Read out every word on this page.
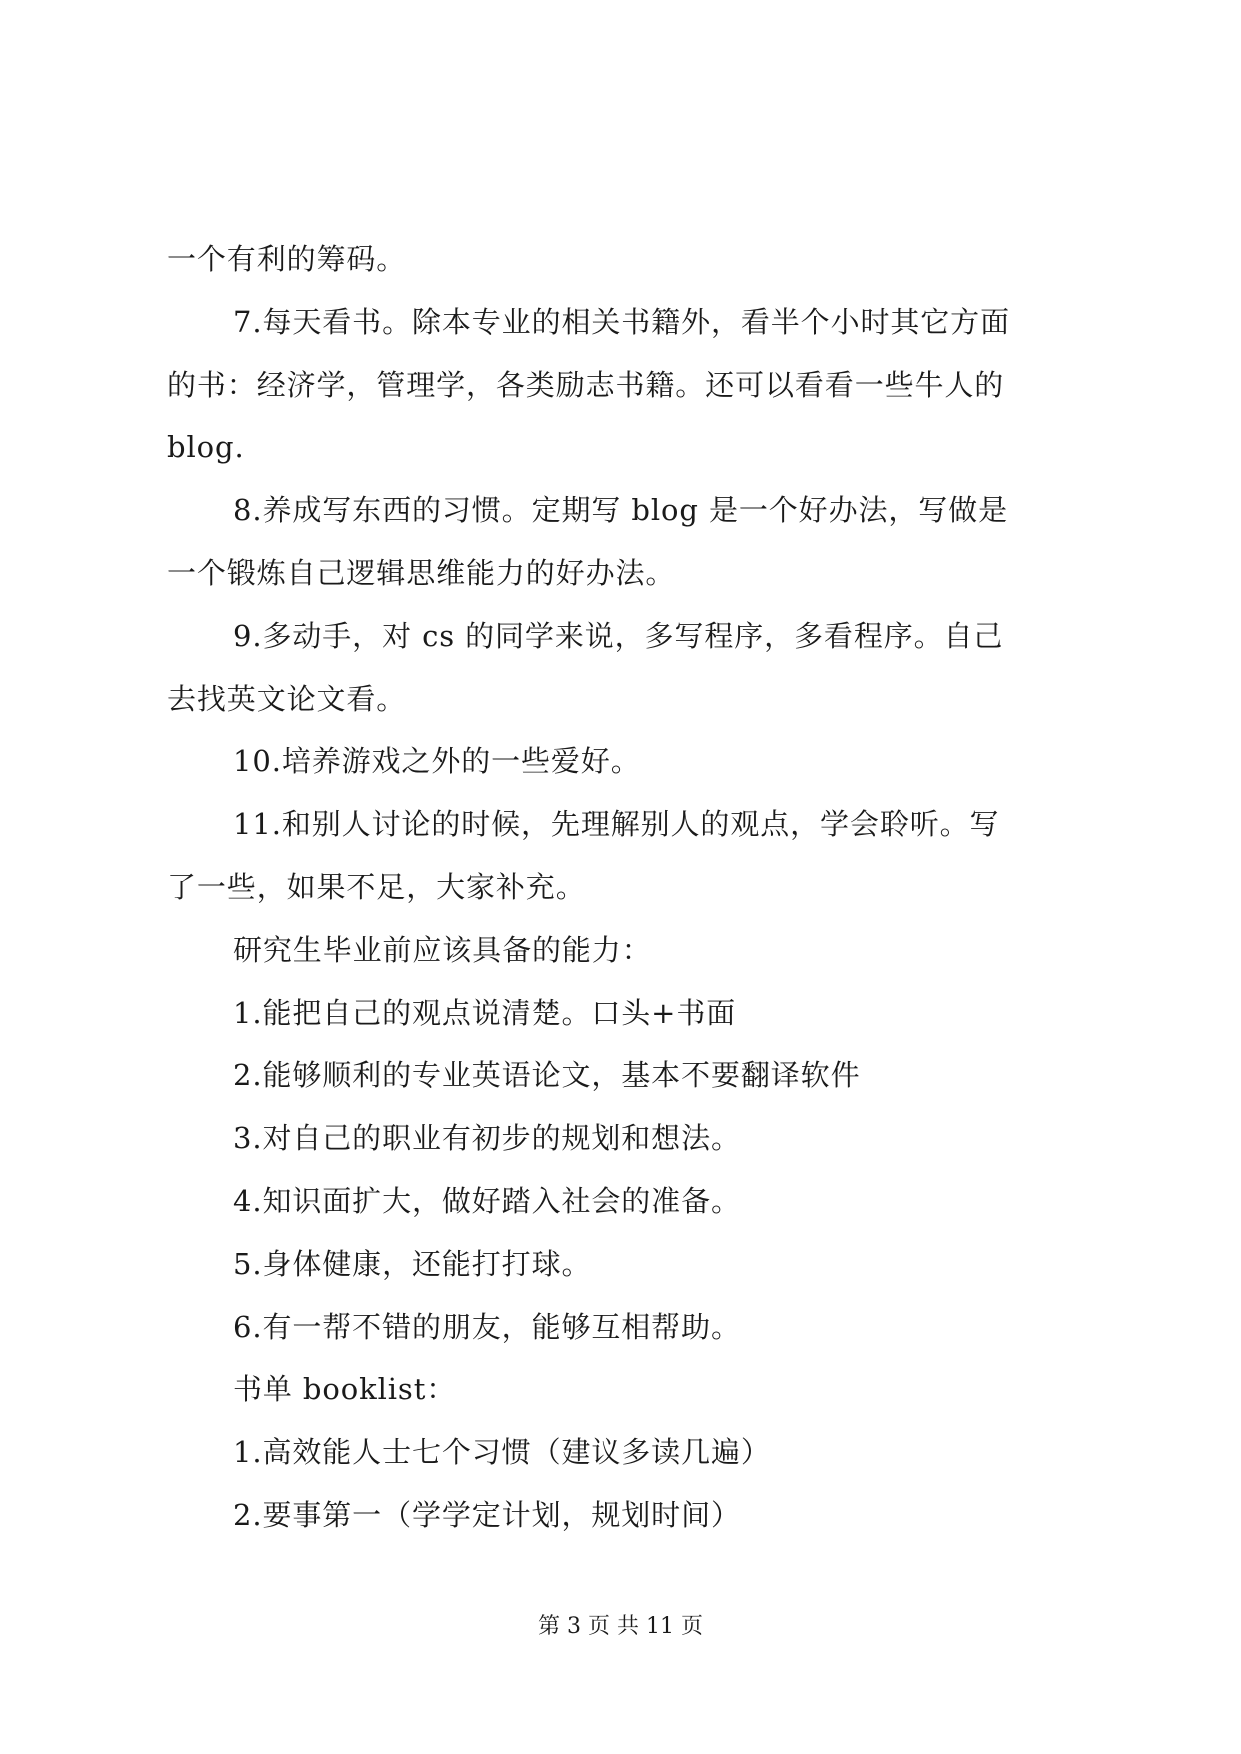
一个有利的筹码。
7.每天看书。除本专业的相关书籍外，看半个小时其它方面
的书：经济学，管理学，各类励志书籍。还可以看看一些牛人的
blog.
8.养成写东西的习惯。定期写 blog 是一个好办法，写做是
一个锻炼自己逻辑思维能力的好办法。
9.多动手，对 cs 的同学来说，多写程序，多看程序。自己
去找英文论文看。
10.培养游戏之外的一些爱好。
11.和别人讨论的时候，先理解别人的观点，学会聆听。写
了一些，如果不足，大家补充。
研究生毕业前应该具备的能力：
1.能把自己的观点说清楚。口头+书面
2.能够顺利的专业英语论文，基本不要翻译软件
3.对自己的职业有初步的规划和想法。
4.知识面扩大，做好踏入社会的准备。
5.身体健康，还能打打球。
6.有一帮不错的朋友，能够互相帮助。
书单 booklist：
1.高效能人士七个习惯（建议多读几遍）
2.要事第一（学学定计划，规划时间）
第 3 页 共 11 页
